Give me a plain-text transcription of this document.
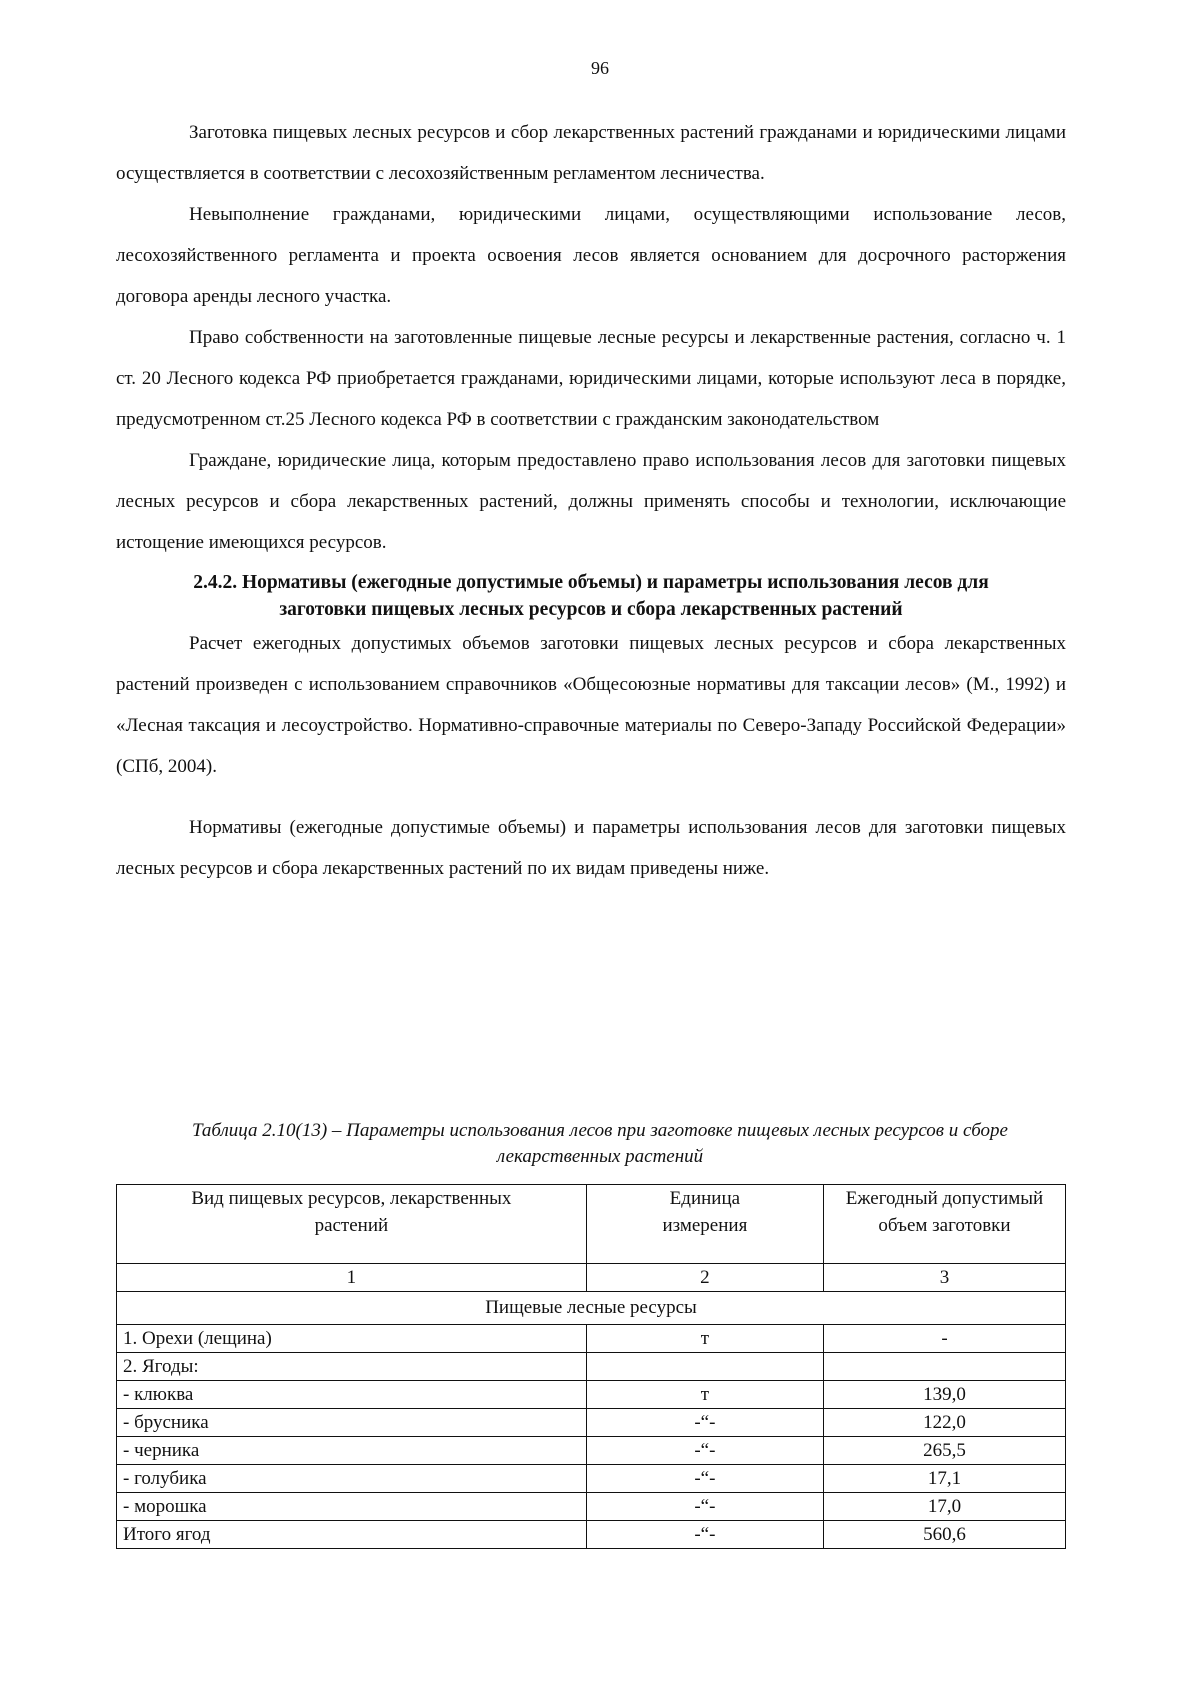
96

Заготовка пищевых лесных ресурсов и сбор лекарственных растений гражданами и юридическими лицами осуществляется в соответствии с лесохозяйственным регламентом лесничества.

Невыполнение гражданами, юридическими лицами, осуществляющими использование лесов, лесохозяйственного регламента и проекта освоения лесов является основанием для досрочного расторжения договора аренды лесного участка.

Право собственности на заготовленные пищевые лесные ресурсы и лекарственные растения, согласно ч. 1 ст. 20 Лесного кодекса РФ приобретается гражданами, юридическими лицами, которые используют леса в порядке, предусмотренном ст.25 Лесного кодекса РФ в соответствии с гражданским законодательством

Граждане, юридические лица, которым предоставлено право использования лесов для заготовки пищевых лесных ресурсов и сбора лекарственных растений, должны применять способы и технологии, исключающие истощение имеющихся ресурсов.

2.4.2. Нормативы (ежегодные допустимые объемы) и параметры использования лесов для заготовки пищевых лесных ресурсов и сбора лекарственных растений

Расчет ежегодных допустимых объемов заготовки пищевых лесных ресурсов и сбора лекарственных растений произведен с использованием справочников «Общесоюзные нормативы для таксации лесов» (М., 1992) и «Лесная таксация и лесоустройство. Нормативно-справочные материалы по Северо-Западу Российской Федерации» (СПб, 2004).

Нормативы (ежегодные допустимые объемы) и параметры использования лесов для заготовки пищевых лесных ресурсов и сбора лекарственных растений по их видам приведены ниже.

Таблица 2.10(13) – Параметры использования лесов при заготовке пищевых лесных ресурсов и сборе лекарственных растений
Вид пищевых ресурсов, лекарственных растений	Единица измерения	Ежегодный допустимый объем заготовки
1	2	3
Пищевые лесные ресурсы		
1. Орехи (лещина)	т	-
2. Ягоды:		
- клюква	т	139,0
- брусника	-“-	122,0
- черника	-“-	265,5
- голубика	-“-	17,1
- морошка	-“-	17,0
Итого ягод	-“-	560,6
